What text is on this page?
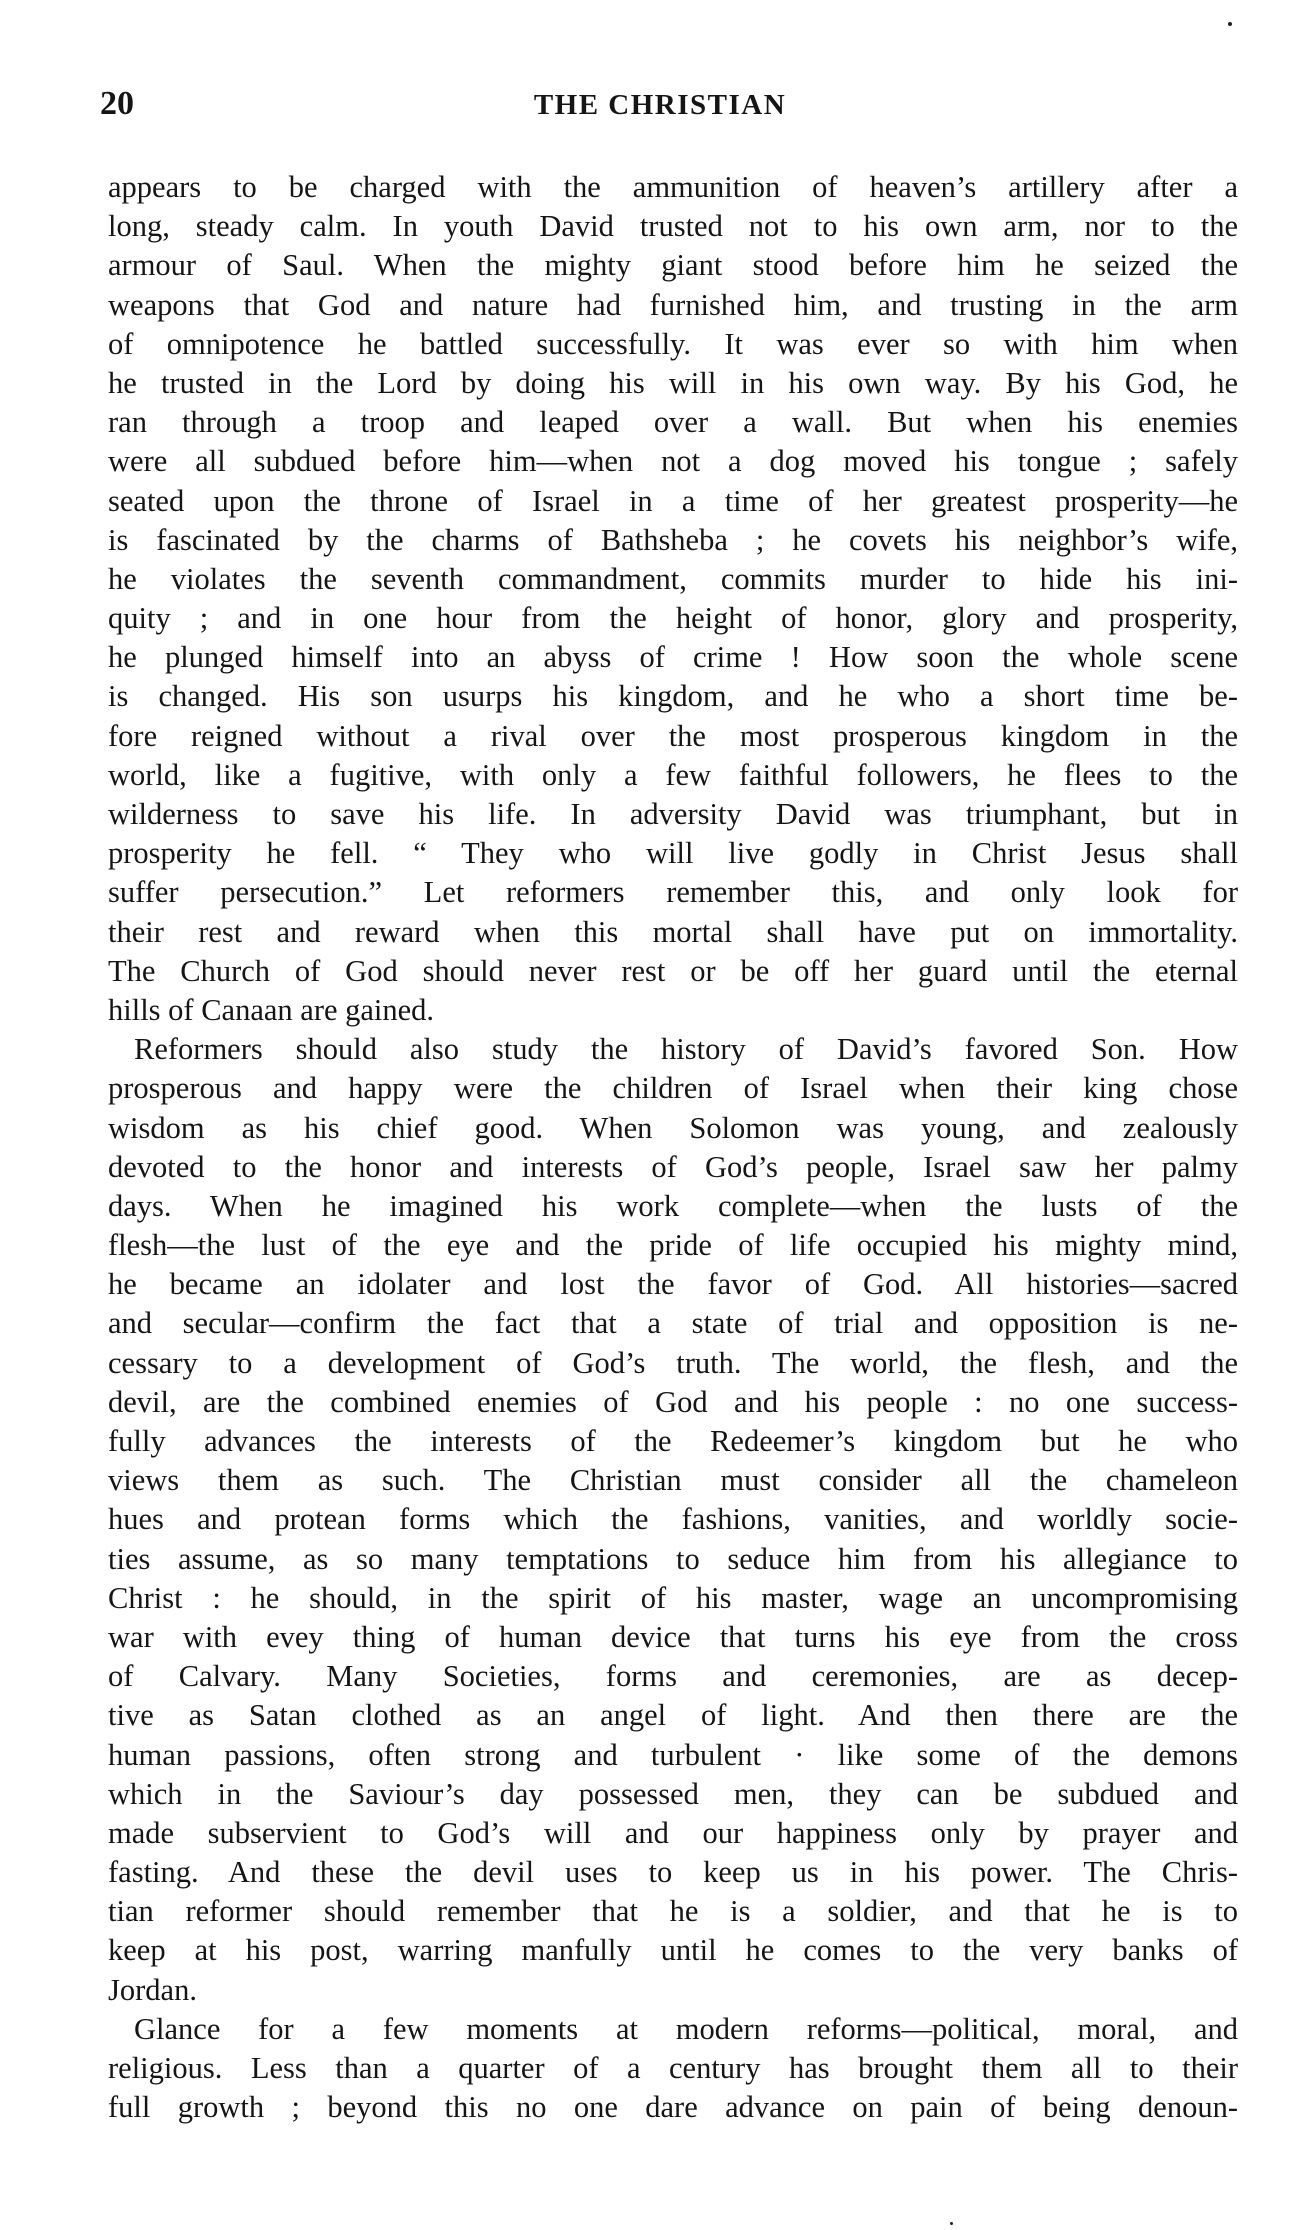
20	THE CHRISTIAN
appears to be charged with the ammunition of heaven’s artillery after a
long, steady calm. In youth David trusted not to his own arm, nor to the
armour of Saul. When the mighty giant stood before him he seized the
weapons that God and nature had furnished him, and trusting in the arm
of omnipotence he battled successfully. It was ever so with him when
he trusted in the Lord by doing his will in his own way. By his God, he
ran through a troop and leaped over a wall. But when his enemies
were all subdued before him—when not a dog moved his tongue ; safely
seated upon the throne of Israel in a time of her greatest prosperity—he
is fascinated by the charms of Bathsheba ; he covets his neighbor’s wife,
he violates the seventh commandment, commits murder to hide his ini-
quity ; and in one hour from the height of honor, glory and prosperity,
he plunged himself into an abyss of crime ! How soon the whole scene
is changed. His son usurps his kingdom, and he who a short time be-
fore reigned without a rival over the most prosperous kingdom in the
world, like a fugitive, with only a few faithful followers, he flees to the
wilderness to save his life. In adversity David was triumphant, but in
prosperity he fell. “ They who will live godly in Christ Jesus shall
suffer persecution.” Let reformers remember this, and only look for
their rest and reward when this mortal shall have put on immortality.
The Church of God should never rest or be off her guard until the eternal
hills of Canaan are gained.
Reformers should also study the history of David’s favored Son. How
prosperous and happy were the children of Israel when their king chose
wisdom as his chief good. When Solomon was young, and zealously
devoted to the honor and interests of God’s people, Israel saw her palmy
days. When he imagined his work complete—when the lusts of the
flesh—the lust of the eye and the pride of life occupied his mighty mind,
he became an idolater and lost the favor of God. All histories—sacred
and secular—confirm the fact that a state of trial and opposition is ne-
cessary to a development of God’s truth. The world, the flesh, and the
devil, are the combined enemies of God and his people : no one success-
fully advances the interests of the Redeemer’s kingdom but he who
views them as such. The Christian must consider all the chameleon
hues and protean forms which the fashions, vanities, and worldly socie-
ties assume, as so many temptations to seduce him from his allegiance to
Christ : he should, in the spirit of his master, wage an uncompromising
war with evey thing of human device that turns his eye from the cross
of Calvary. Many Societies, forms and ceremonies, are as decep-
tive as Satan clothed as an angel of light. And then there are the
human passions, often strong and turbulent · like some of the demons
which in the Saviour’s day possessed men, they can be subdued and
made subservient to God’s will and our happiness only by prayer and
fasting. And these the devil uses to keep us in his power. The Chris-
tian reformer should remember that he is a soldier, and that he is to
keep at his post, warring manfully until he comes to the very banks of
Jordan.
Glance for a few moments at modern reforms—political, moral, and
religious. Less than a quarter of a century has brought them all to their
full growth ; beyond this no one dare advance on pain of being denoun-
